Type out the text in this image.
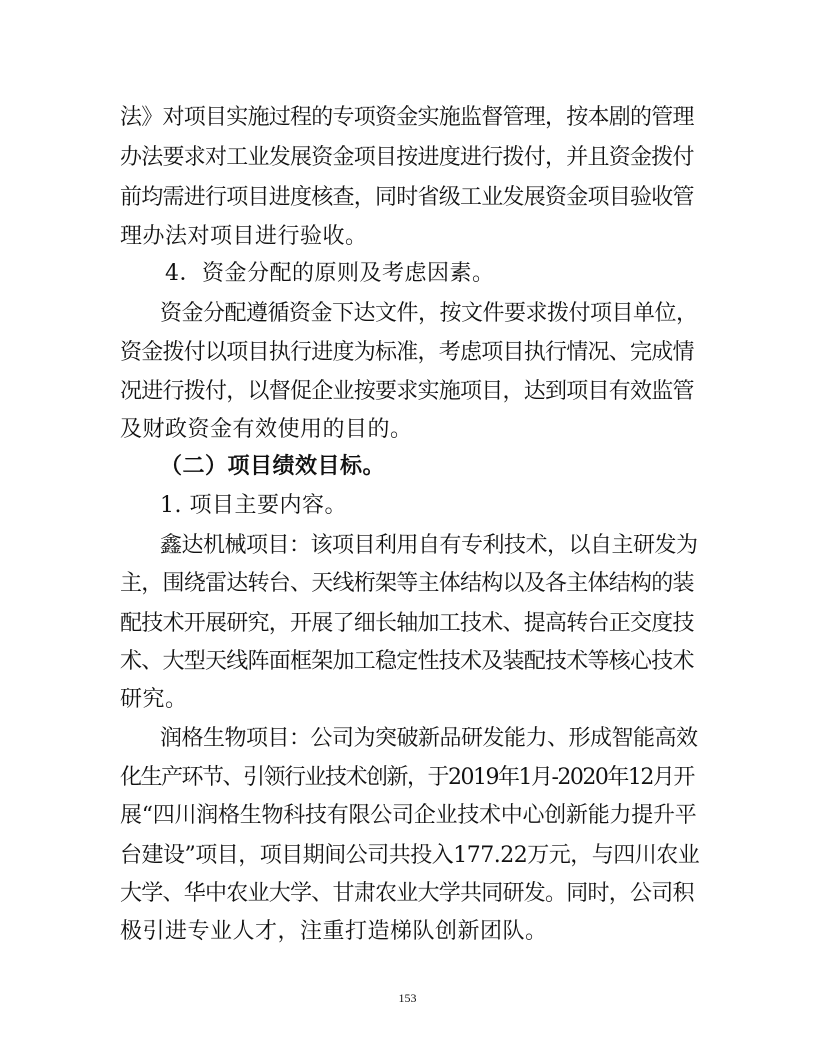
法》对项目实施过程的专项资金实施监督管理，按本剧的管理
办法要求对工业发展资金项目按进度进行拨付，并且资金拨付
前均需进行项目进度核查，同时省级工业发展资金项目验收管
理办法对项目进行验收。
4．资金分配的原则及考虑因素。
资金分配遵循资金下达文件，按文件要求拨付项目单位，
资金拨付以项目执行进度为标准，考虑项目执行情况、完成情
况进行拨付，以督促企业按要求实施项目，达到项目有效监管
及财政资金有效使用的目的。
（二）项目绩效目标。
1. 项目主要内容。
鑫达机械项目：该项目利用自有专利技术，以自主研发为
主，围绕雷达转台、天线桁架等主体结构以及各主体结构的装
配技术开展研究，开展了细长轴加工技术、提高转台正交度技
术、大型天线阵面框架加工稳定性技术及装配技术等核心技术
研究。
润格生物项目：公司为突破新品研发能力、形成智能高效
化生产环节、引领行业技术创新，于2019年1月-2020年12月开
展“四川润格生物科技有限公司企业技术中心创新能力提升平
台建设”项目，项目期间公司共投入177.22万元，与四川农业
大学、华中农业大学、甘肃农业大学共同研发。同时，公司积
极引进专业人才，注重打造梯队创新团队。
153
